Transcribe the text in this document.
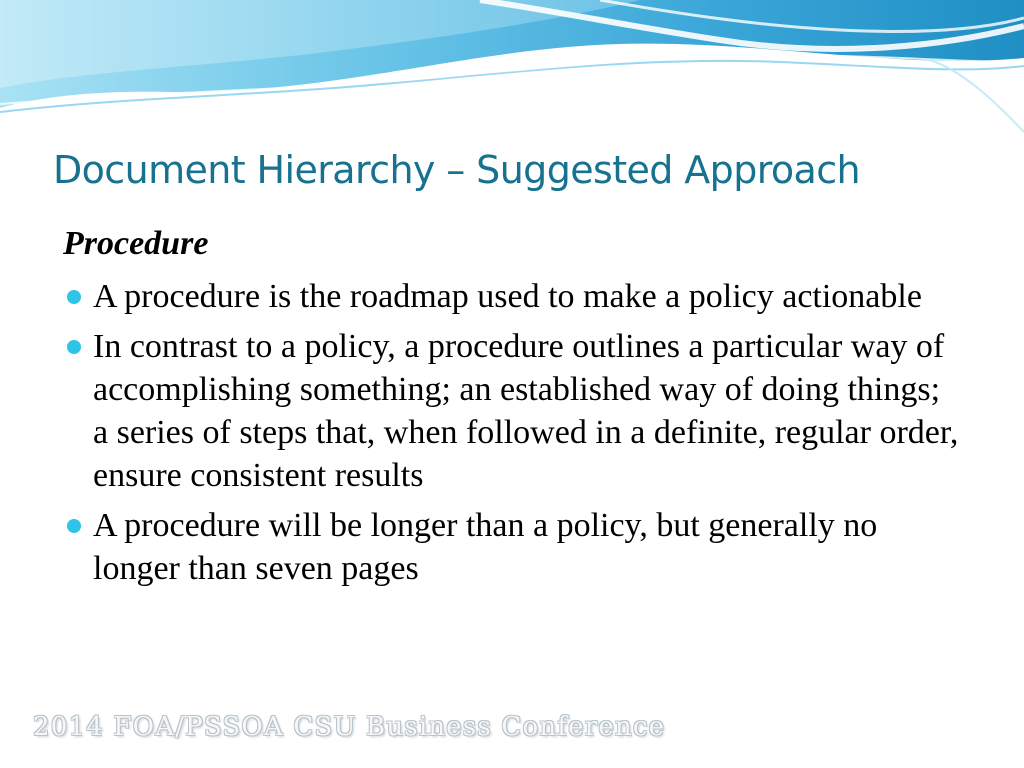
Document Hierarchy – Suggested Approach
Procedure
A procedure is the roadmap used to make a policy actionable
In contrast to a policy, a procedure outlines a particular way of accomplishing something; an established way of doing things; a series of steps that, when followed in a definite, regular order, ensure consistent results
A procedure will be longer than a policy, but generally no longer than seven pages
2014 FOA/PSSOA CSU Business Conference
